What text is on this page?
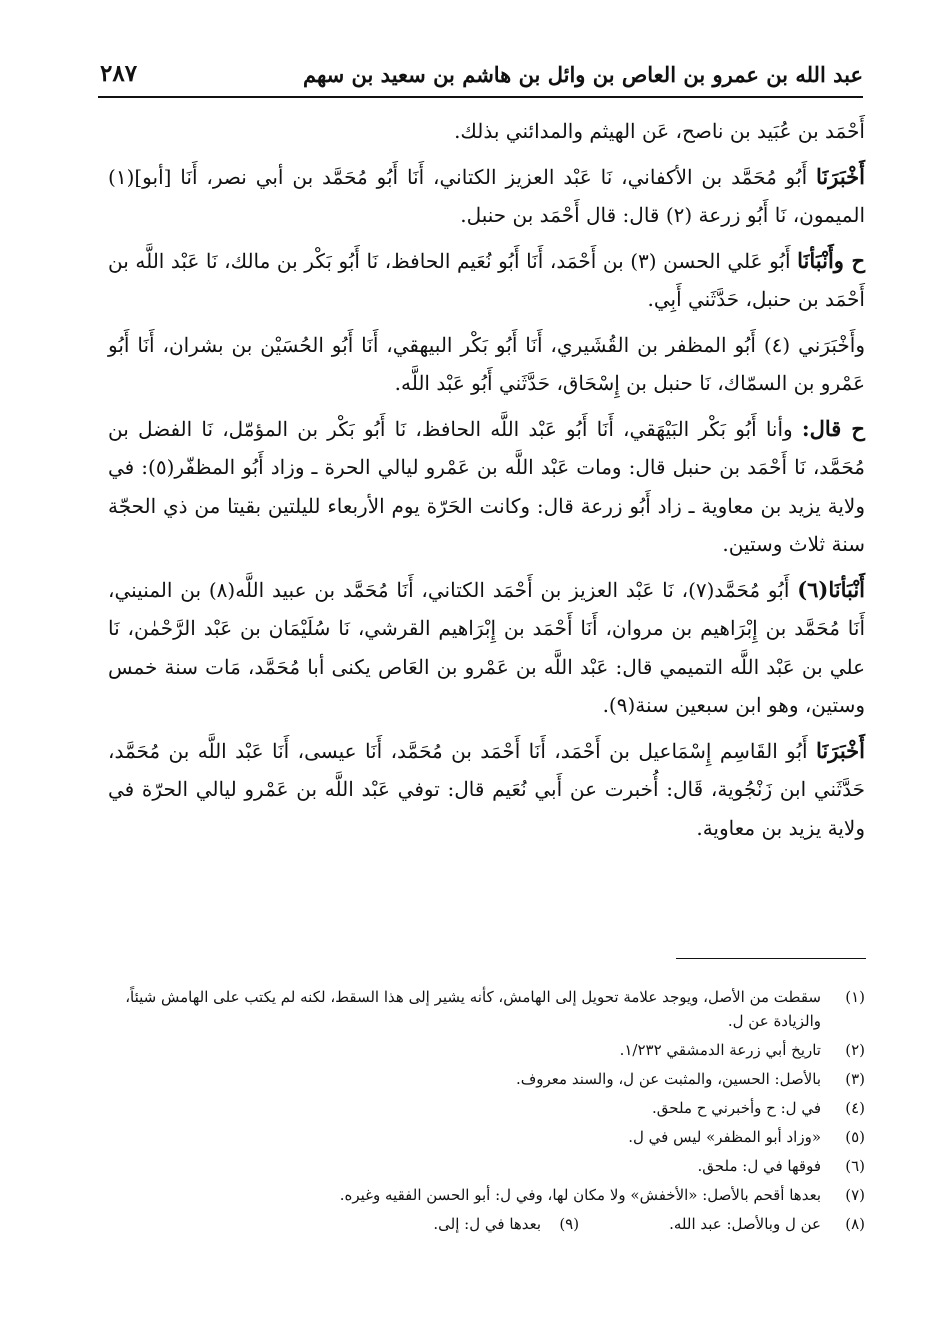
عبد الله بن عمرو بن العاص بن وائل بن هاشم بن سعيد بن سهم
٢٨٧

أَحْمَد بن عُبَيد بن ناصح، عَن الهيثم والمدائني بذلك.

أَخْبَرَنَا أَبُو مُحَمَّد بن الأكفاني، نَا عَبْد العزيز الكتاني، أَنَا أَبُو مُحَمَّد بن أبي نصر، أَنَا [أبو](١) الميمون، نَا أَبُو زرعة (٢) قال: قال أَحْمَد بن حنبل.

ح وأَنْبَأنَا أَبُو عَلي الحسن (٣) بن أَحْمَد، أَنَا أَبُو نُعَيم الحافظ، نَا أَبُو بَكْر بن مالك، نَا عَبْد اللَّه بن أَحْمَد بن حنبل، حَدَّثَني أَبِي.

وأَخْبَرَني (٤) أَبُو المظفر بن القُشَيري، أَنَا أَبُو بَكْر البيهقي، أَنَا أَبُو الحُسَيْن بن بشران، أَنَا أَبُو عَمْرو بن السمّاك، نَا حنبل بن إِسْحَاق، حَدَّثَني أَبُو عَبْد اللَّه.

ح قال: وأنا أَبُو بَكْر البَيْهَقي، أَنَا أَبُو عَبْد اللَّه الحافظ، نَا أَبُو بَكْر بن المؤمّل، نَا الفضل بن مُحَمَّد، نَا أَحْمَد بن حنبل قال: ومات عَبْد اللَّه بن عَمْرو ليالي الحرة ـ وزاد أَبُو المظفّر(٥): في ولاية يزيد بن معاوية ـ زاد أَبُو زرعة قال: وكانت الحَرّة يوم الأربعاء لليلتين بقيتا من ذي الحجّة سنة ثلاث وستين.

أَنْبَأنَا(٦) أَبُو مُحَمَّد(٧)، نَا عَبْد العزيز بن أَحْمَد الكتاني، أَنَا مُحَمَّد بن عبيد اللَّه(٨) بن المنيني، أَنَا مُحَمَّد بن إِبْرَاهيم بن مروان، أَنَا أَحْمَد بن إِبْرَاهيم القرشي، نَا سُلَيْمَان بن عَبْد الرَّحْمٰن، نَا علي بن عَبْد اللَّه التميمي قال: عَبْد اللَّه بن عَمْرو بن العَاص يكنى أبا مُحَمَّد، مَات سنة خمس وستين، وهو ابن سبعين سنة(٩).

أَخْبَرَنَا أَبُو القَاسِم إِسْمَاعيل بن أَحْمَد، أَنَا أَحْمَد بن مُحَمَّد، أَنَا عيسى، أَنَا عَبْد اللَّه بن مُحَمَّد، حَدَّثَني ابن زَنْجُوية، قَال: أُخبرت عن أَبي نُعَيم قال: توفي عَبْد اللَّه بن عَمْرو ليالي الحرّة في ولاية يزيد بن معاوية.

(١)
سقطت من الأصل، ويوجد علامة تحويل إلى الهامش، كأنه يشير إلى هذا السقط، لكنه لم يكتب على الهامش شيئاً، والزيادة عن ل.
(٢)
تاريخ أبي زرعة الدمشقي ١/٢٣٢.
(٣)
بالأصل: الحسين، والمثبت عن ل، والسند معروف.
(٤)
في ل: ح وأخبرني ح ملحق.
(٥)
«وزاد أبو المظفر» ليس في ل.
(٦)
فوقها في ل: ملحق.
(٧)
بعدها أقحم بالأصل: «الأخفش» ولا مكان لها، وفي ل: أبو الحسن الفقيه وغيره.
(٨)
عن ل وبالأصل: عبد الله.
(٩)
بعدها في ل: إلى.
